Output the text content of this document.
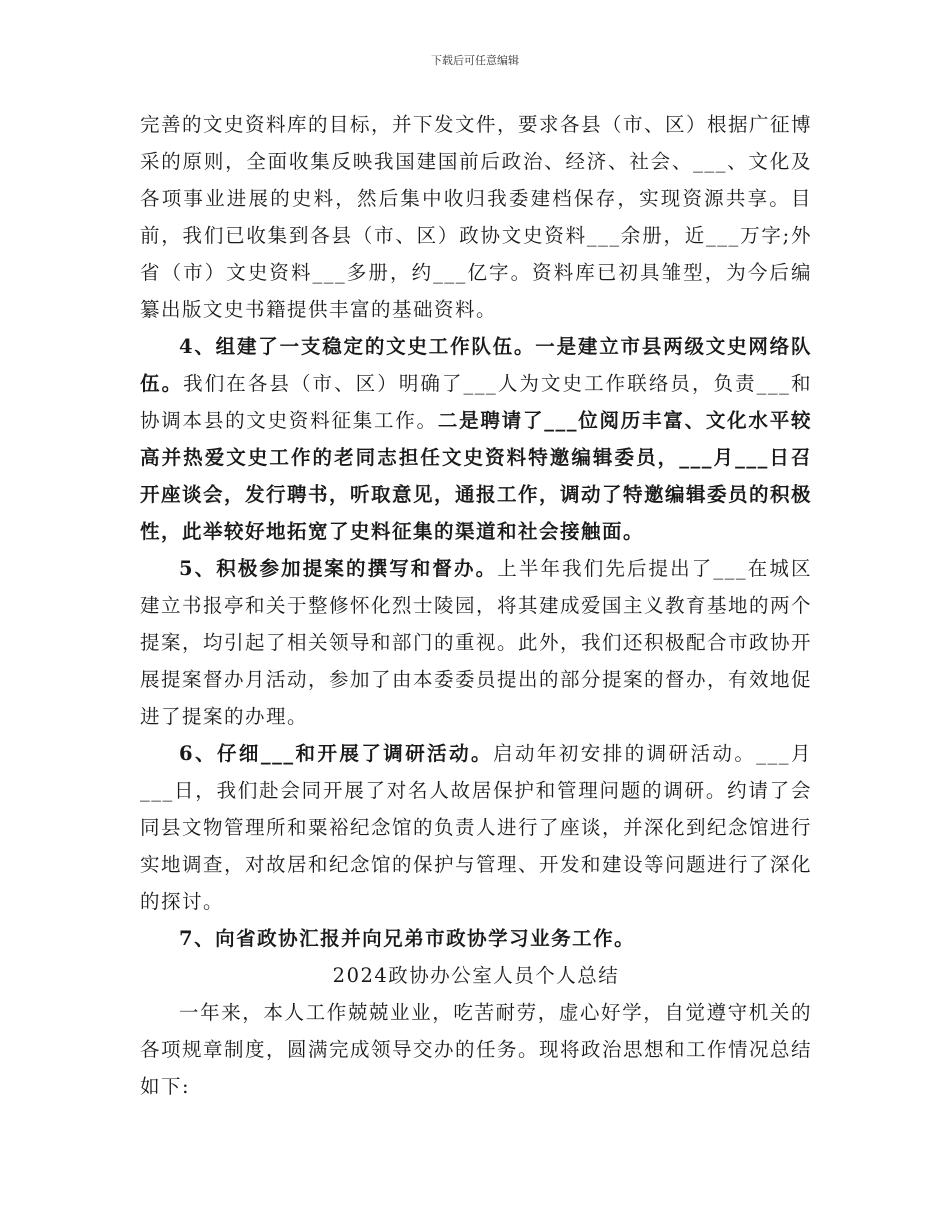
下载后可任意编辑

完善的文史资料库的目标，并下发文件，要求各县（市、区）根据广征博采的原则，全面收集反映我国建国前后政治、经济、社会、___、文化及各项事业进展的史料，然后集中收归我委建档保存，实现资源共享。目前，我们已收集到各县（市、区）政协文史资料___余册，近___万字;外省（市）文史资料___多册，约___亿字。资料库已初具雏型，为今后编纂出版文史书籍提供丰富的基础资料。

4、组建了一支稳定的文史工作队伍。一是建立市县两级文史网络队伍。我们在各县（市、区）明确了___人为文史工作联络员，负责___和协调本县的文史资料征集工作。二是聘请了___位阅历丰富、文化水平较高并热爱文史工作的老同志担任文史资料特邀编辑委员，___月___日召开座谈会，发行聘书，听取意见，通报工作，调动了特邀编辑委员的积极性，此举较好地拓宽了史料征集的渠道和社会接触面。

5、积极参加提案的撰写和督办。上半年我们先后提出了___在城区建立书报亭和关于整修怀化烈士陵园，将其建成爱国主义教育基地的两个提案，均引起了相关领导和部门的重视。此外，我们还积极配合市政协开展提案督办月活动，参加了由本委委员提出的部分提案的督办，有效地促进了提案的办理。

6、仔细___和开展了调研活动。启动年初安排的调研活动。___月___日，我们赴会同开展了对名人故居保护和管理问题的调研。约请了会同县文物管理所和粟裕纪念馆的负责人进行了座谈，并深化到纪念馆进行实地调查，对故居和纪念馆的保护与管理、开发和建设等问题进行了深化的探讨。

7、向省政协汇报并向兄弟市政协学习业务工作。

2024政协办公室人员个人总结

一年来，本人工作兢兢业业，吃苦耐劳，虚心好学，自觉遵守机关的各项规章制度，圆满完成领导交办的任务。现将政治思想和工作情况总结如下:
